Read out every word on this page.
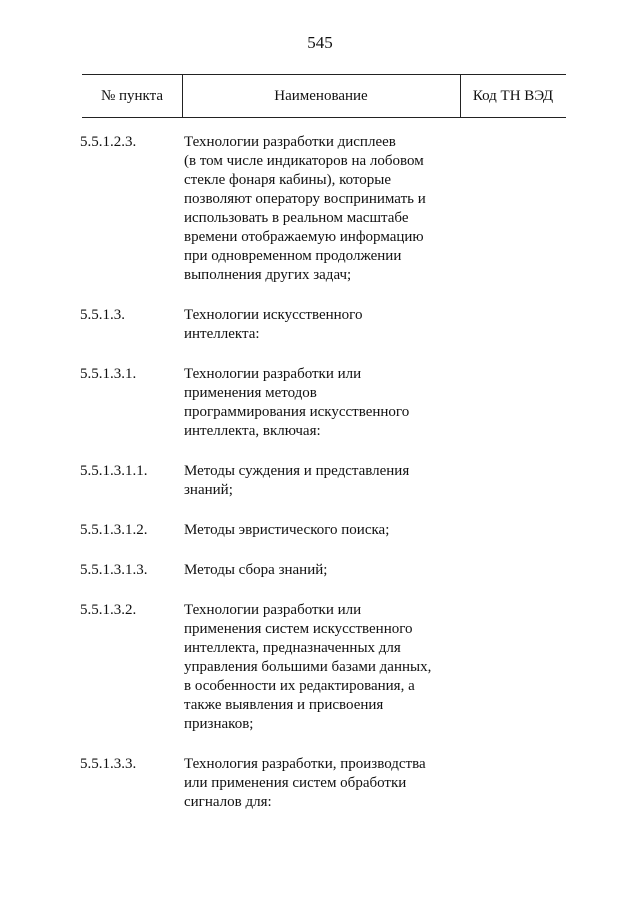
545
№ пункта	Наименование	Код ТН ВЭД
5.5.1.2.3.	Технологии разработки дисплеев
(в том числе индикаторов на лобовом
стекле фонаря кабины), которые
позволяют оператору воспринимать и
использовать в реальном масштабе
времени отображаемую информацию
при одновременном продолжении
выполнения других задач;
5.5.1.3.	Технологии искусственного
интеллекта:
5.5.1.3.1.	Технологии разработки или
применения методов
программирования искусственного
интеллекта, включая:
5.5.1.3.1.1.	Методы суждения и представления
знаний;
5.5.1.3.1.2.	Методы эвристического поиска;
5.5.1.3.1.3.	Методы сбора знаний;
5.5.1.3.2.	Технологии разработки или
применения систем искусственного
интеллекта, предназначенных для
управления большими базами данных,
в особенности их редактирования, а
также выявления и присвоения
признаков;
5.5.1.3.3.	Технология разработки, производства
или применения систем обработки
сигналов для:
